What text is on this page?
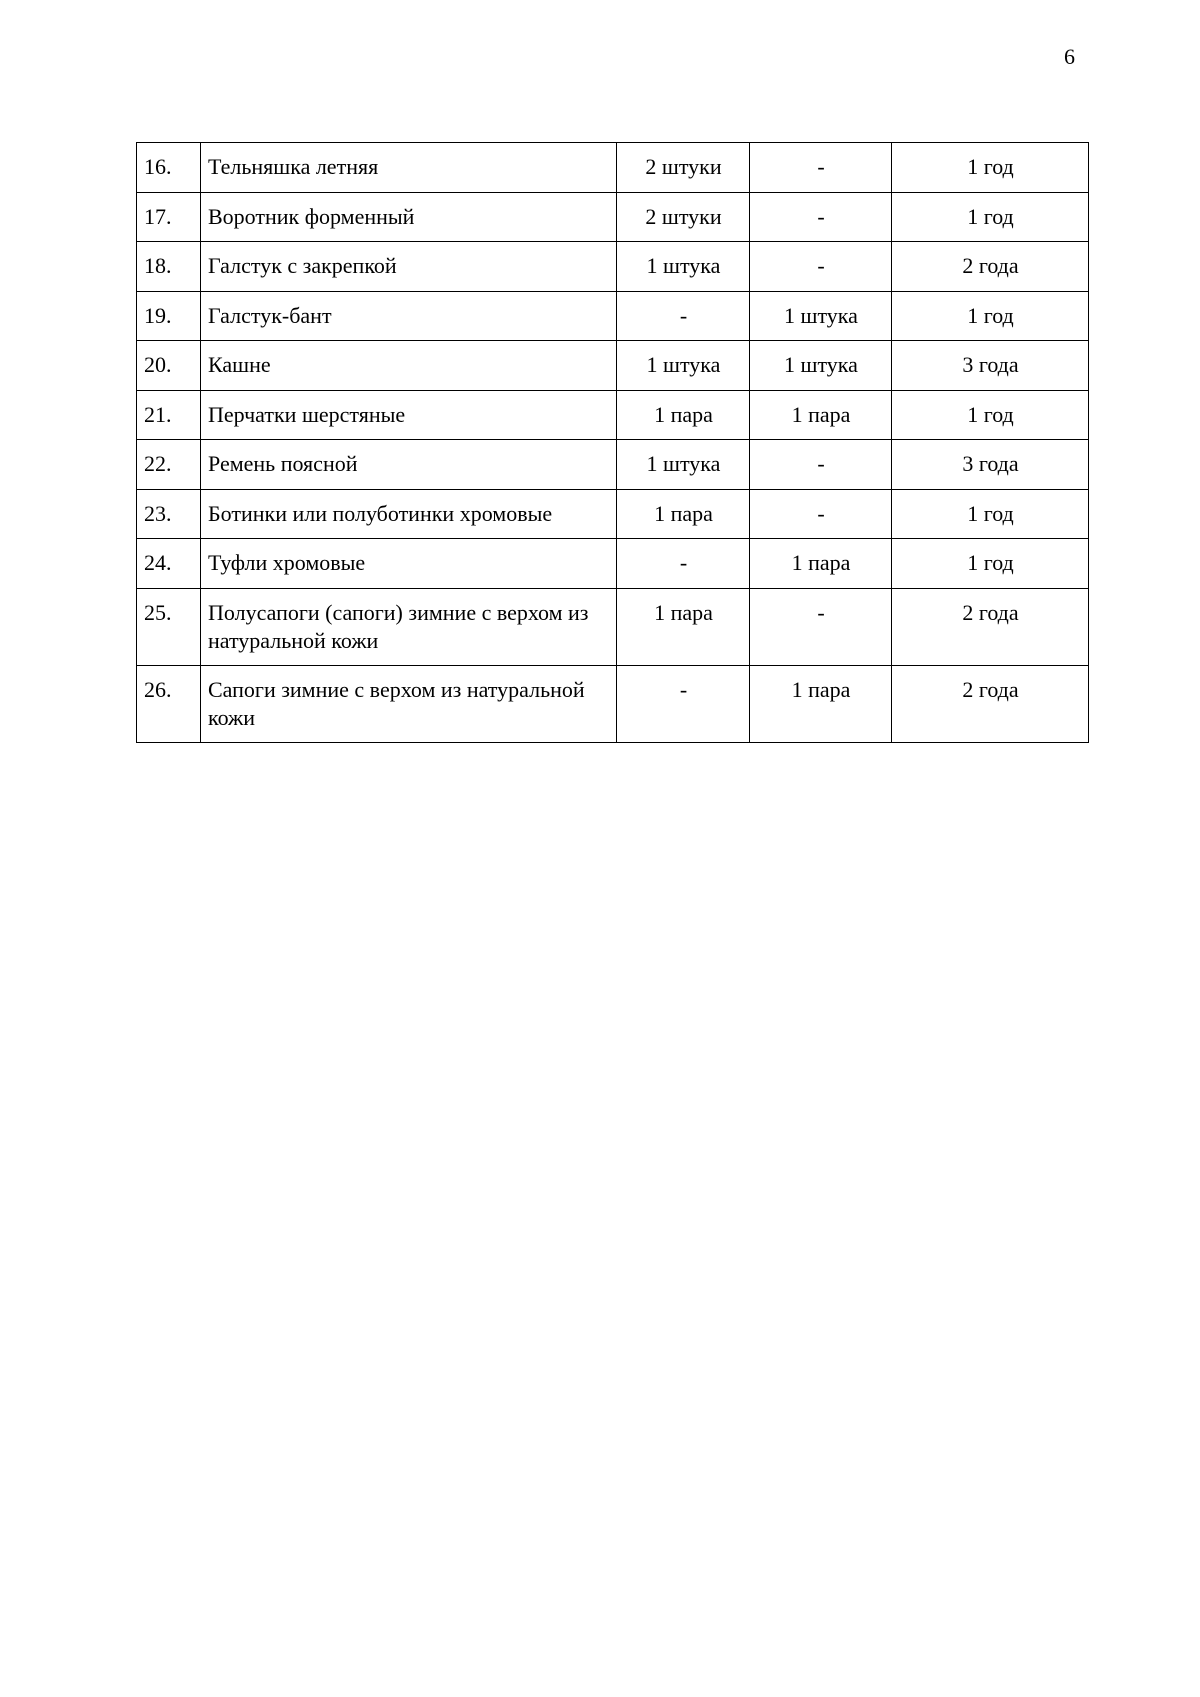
6
16.	Тельняшка летняя	2 штуки	-	1 год
17.	Воротник форменный	2 штуки	-	1 год
18.	Галстук с закрепкой	1 штука	-	2 года
19.	Галстук-бант	-	1 штука	1 год
20.	Кашне	1 штука	1 штука	3 года
21.	Перчатки шерстяные	1 пара	1 пара	1 год
22.	Ремень поясной	1 штука	-	3 года
23.	Ботинки или полуботинки хромовые	1 пара	-	1 год
24.	Туфли хромовые	-	1 пара	1 год
25.	Полусапоги (сапоги) зимние с верхом из натуральной кожи	1 пара	-	2 года
26.	Сапоги зимние с верхом из натуральной кожи	-	1 пара	2 года
